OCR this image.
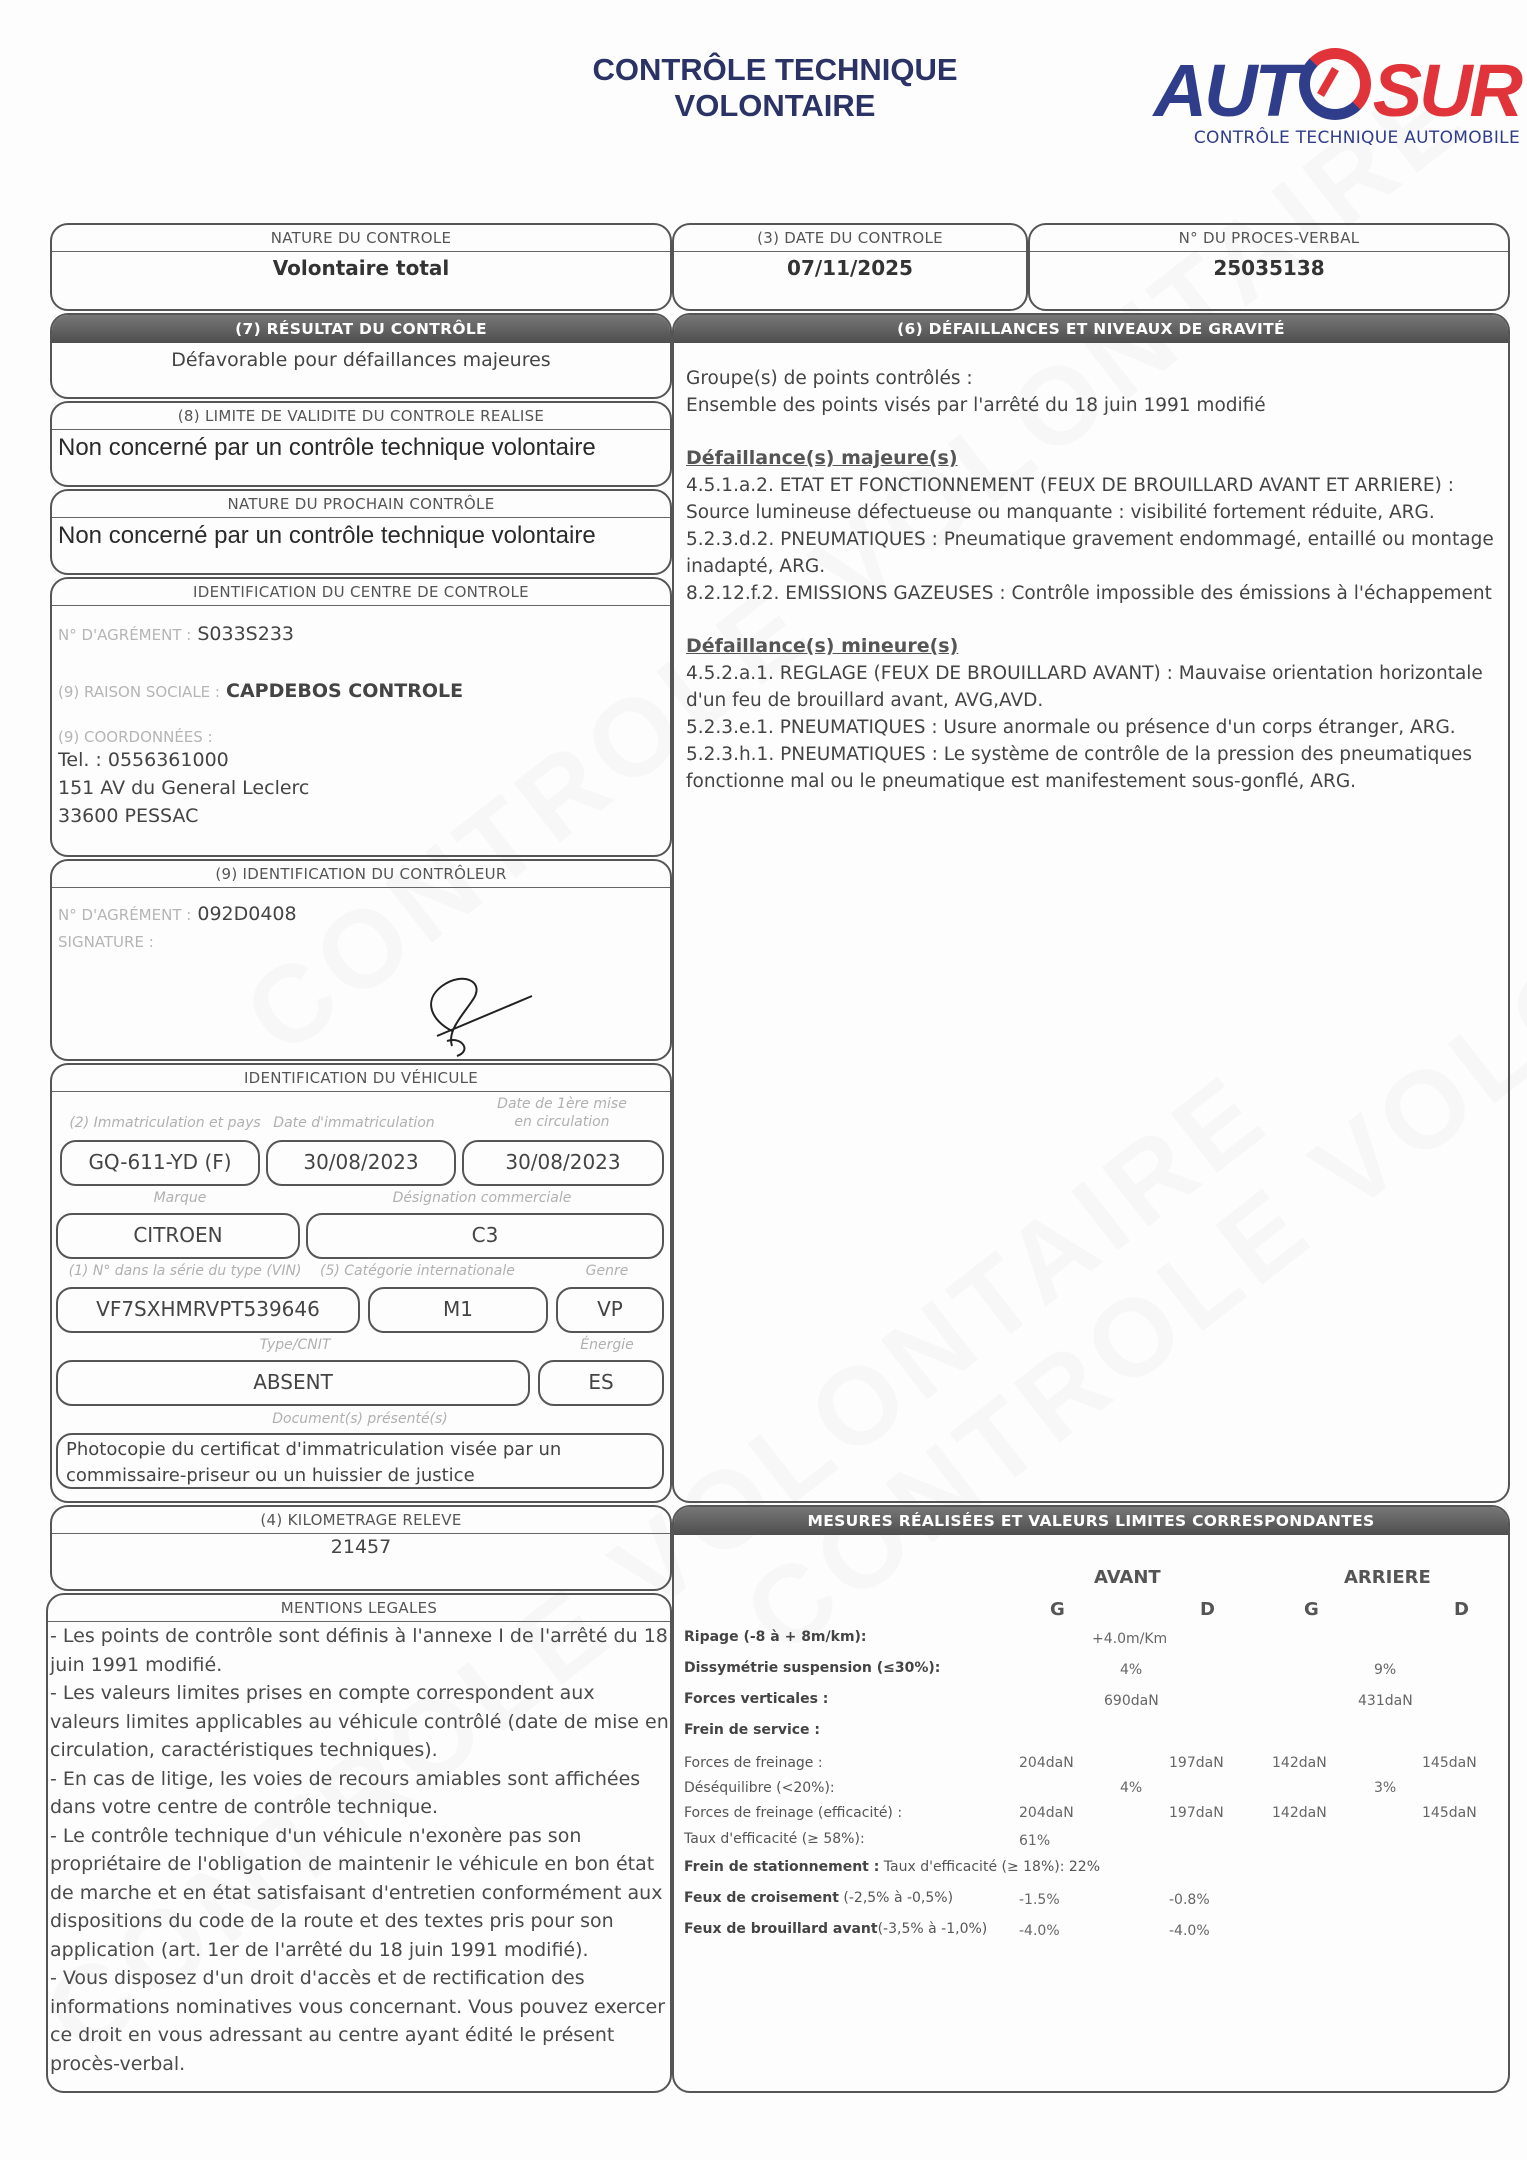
CONTRÔLE TECHNIQUE
VOLONTAIRE	AUT SUR
CONTRÔLE TECHNIQUE AUTOMOBILE
NATURE DU CONTROLE
Volontaire total
(3) DATE DU CONTROLE
07/11/2025
N° DU PROCES-VERBAL
25035138
(7) RÉSULTAT DU CONTRÔLE
Défavorable pour défaillances majeures
(8) LIMITE DE VALIDITE DU CONTROLE REALISE
Non concerné par un contrôle technique volontaire
NATURE DU PROCHAIN CONTRÔLE
Non concerné par un contrôle technique volontaire
IDENTIFICATION DU CENTRE DE CONTROLE
N° D'AGRÉMENT : S033S233
(9) RAISON SOCIALE : CAPDEBOS CONTROLE
(9) COORDONNÉES :
Tel. : 0556361000
151 AV du General Leclerc
33600 PESSAC
(9) IDENTIFICATION DU CONTRÔLEUR
N° D'AGRÉMENT : 092D0408
SIGNATURE :
IDENTIFICATION DU VÉHICULE
(2) Immatriculation et pays Date d'immatriculation
Date de 1ère mise
en circulation
GQ-611-YD (F)	30/08/2023	30/08/2023
Marque	Désignation commerciale
CITROEN	C3
(1) N° dans la série du type (VIN)	(5) Catégorie internationale	Genre
VF7SXHMRVPT539646	M1	VP
Type/CNIT	Énergie
ABSENT	ES
Document(s) présenté(s)
Photocopie du certificat d'immatriculation visée par un commissaire-priseur ou un huissier de justice
(4) KILOMETRAGE RELEVE
21457
MENTIONS LEGALES
- Les points de contrôle sont définis à l'annexe I de l'arrêté du 18 juin 1991 modifié.
- Les valeurs limites prises en compte correspondent aux valeurs limites applicables au véhicule contrôlé (date de mise en circulation, caractéristiques techniques).
- En cas de litige, les voies de recours amiables sont affichées dans votre centre de contrôle technique.
- Le contrôle technique d'un véhicule n'exonère pas son propriétaire de l'obligation de maintenir le véhicule en bon état de marche et en état satisfaisant d'entretien conformément aux dispositions du code de la route et des textes pris pour son application (art. 1er de l'arrêté du 18 juin 1991 modifié).
- Vous disposez d'un droit d'accès et de rectification des informations nominatives vous concernant. Vous pouvez exercer ce droit en vous adressant au centre ayant édité le présent procès-verbal.
(6) DÉFAILLANCES ET NIVEAUX DE GRAVITÉ
Groupe(s) de points contrôlés :
Ensemble des points visés par l'arrêté du 18 juin 1991 modifié
Défaillance(s) majeure(s)
4.5.1.a.2. ETAT ET FONCTIONNEMENT (FEUX DE BROUILLARD AVANT ET ARRIERE) : Source lumineuse défectueuse ou manquante : visibilité fortement réduite, ARG.
5.2.3.d.2. PNEUMATIQUES : Pneumatique gravement endommagé, entaillé ou montage inadapté, ARG.
8.2.12.f.2. EMISSIONS GAZEUSES : Contrôle impossible des émissions à l'échappement
Défaillance(s) mineure(s)
4.5.2.a.1. REGLAGE (FEUX DE BROUILLARD AVANT) : Mauvaise orientation horizontale d'un feu de brouillard avant, AVG,AVD.
5.2.3.e.1. PNEUMATIQUES : Usure anormale ou présence d'un corps étranger, ARG.
5.2.3.h.1. PNEUMATIQUES : Le système de contrôle de la pression des pneumatiques fonctionne mal ou le pneumatique est manifestement sous-gonflé, ARG.
MESURES RÉALISÉES ET VALEURS LIMITES CORRESPONDANTES
AVANT	ARRIERE
G	D	G	D
Ripage (-8 à + 8m/km):	+4.0m/Km
Dissymétrie suspension (≤30%):	4%	9%
Forces verticales :	690daN	431daN
Frein de service :
Forces de freinage :	204daN	197daN	142daN	145daN
Déséquilibre (<20%):	4%	3%
Forces de freinage (efficacité) :	204daN	197daN	142daN	145daN
Taux d'efficacité (≥ 58%):	61%
Frein de stationnement : Taux d'efficacité (≥ 18%): 22%
Feux de croisement (-2,5% à -0,5%)	-1.5%	-0.8%
Feux de brouillard avant(-3,5% à -1,0%) -4.0%	-4.0%
